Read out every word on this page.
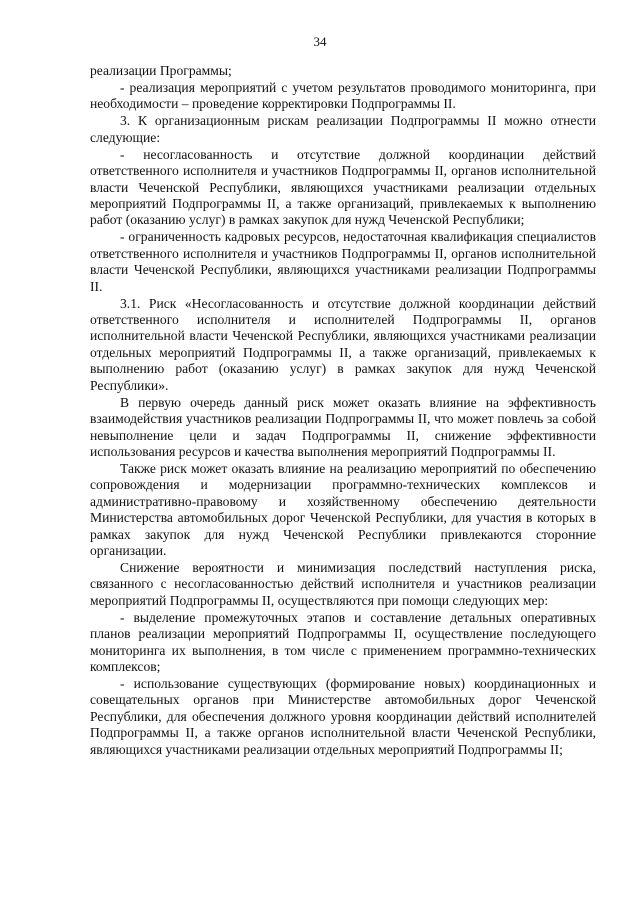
34

реализации Программы;

- реализация мероприятий с учетом результатов проводимого мониторинга, при необходимости – проведение корректировки Подпрограммы II.

3. К организационным рискам реализации Подпрограммы II можно отнести следующие:

- несогласованность и отсутствие должной координации действий ответственного исполнителя и участников Подпрограммы II, органов исполнительной власти Чеченской Республики, являющихся участниками реализации отдельных мероприятий Подпрограммы II, а также организаций, привлекаемых к выполнению работ (оказанию услуг) в рамках закупок для нужд Чеченской Республики;

- ограниченность кадровых ресурсов, недостаточная квалификация специалистов ответственного исполнителя и участников Подпрограммы II, органов исполнительной власти Чеченской Республики, являющихся участниками реализации Подпрограммы II.

3.1. Риск «Несогласованность и отсутствие должной координации действий ответственного исполнителя и исполнителей Подпрограммы II, органов исполнительной власти Чеченской Республики, являющихся участниками реализации отдельных мероприятий Подпрограммы II, а также организаций, привлекаемых к выполнению работ (оказанию услуг) в рамках закупок для нужд Чеченской Республики».

В первую очередь данный риск может оказать влияние на эффективность взаимодействия участников реализации Подпрограммы II, что может повлечь за собой невыполнение цели и задач Подпрограммы II, снижение эффективности использования ресурсов и качества выполнения мероприятий Подпрограммы II.

Также риск может оказать влияние на реализацию мероприятий по обеспечению сопровождения и модернизации программно-технических комплексов и административно-правовому и хозяйственному обеспечению деятельности Министерства автомобильных дорог Чеченской Республики, для участия в которых в рамках закупок для нужд Чеченской Республики привлекаются сторонние организации.

Снижение вероятности и минимизация последствий наступления риска, связанного с несогласованностью действий исполнителя и участников реализации мероприятий Подпрограммы II, осуществляются при помощи следующих мер:

- выделение промежуточных этапов и составление детальных оперативных планов реализации мероприятий Подпрограммы II, осуществление последующего мониторинга их выполнения, в том числе с применением программно-технических комплексов;

- использование существующих (формирование новых) координационных и совещательных органов при Министерстве автомобильных дорог Чеченской Республики, для обеспечения должного уровня координации действий исполнителей Подпрограммы II, а также органов исполнительной власти Чеченской Республики, являющихся участниками реализации отдельных мероприятий Подпрограммы II;
